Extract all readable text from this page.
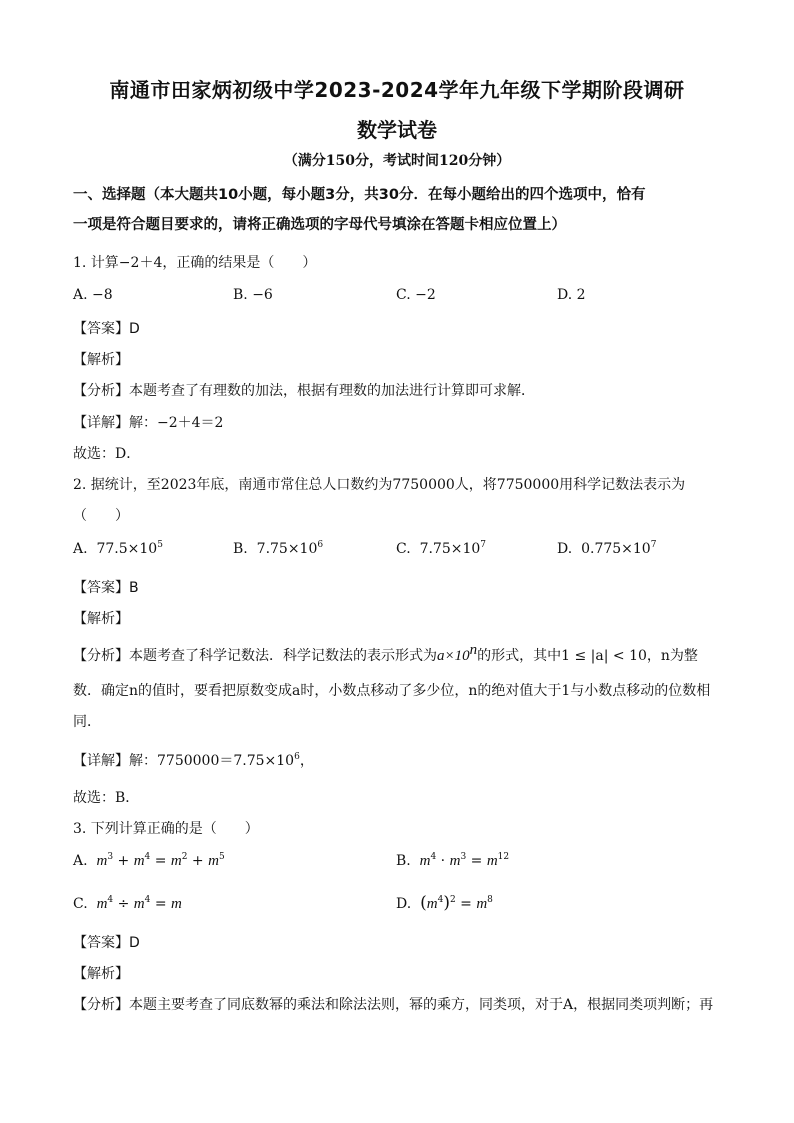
南通市田家炳初级中学2023-2024学年九年级下学期阶段调研
数学试卷
（满分150分，考试时间120分钟）
一、选择题（本大题共10小题，每小题3分，共30分．在每小题给出的四个选项中，恰有
一项是符合题目要求的，请将正确选项的字母代号填涂在答题卡相应位置上）
1. 计算−2＋4，正确的结果是（　　）
A. −8	B. −6	C. −2	D. 2
【答案】D
【解析】
【分析】本题考查了有理数的加法，根据有理数的加法进行计算即可求解．
【详解】解：−2＋4＝2
故选：D．
2. 据统计，至2023年底，南通市常住总人口数约为7750000人，将7750000用科学记数法表示为
（　　）
A. $77.5\times 10^5$	B. $7.75\times 10^6$	C. $7.75\times 10^7$	D. $0.775\times 10^7$
【答案】B
【解析】
【分析】本题考查了科学记数法．科学记数法的表示形式为$a\times 10^n$的形式，其中1 ≤ |a| < 10，n为整
数．确定n的值时，要看把原数变成a时，小数点移动了多少位，n的绝对值大于1与小数点移动的位数相
同．
【详解】解：$7750000=7.75\times 10^6$，
故选：B．
3. 下列计算正确的是（　　）
A. $m^3 + m^4 = m^2 + m^5$	B. $m^4 \cdot m^3 = m^{12}$
C. $m^4 \div m^4 = m$	D. $(m^4)^2 = m^8$
【答案】D
【解析】
【分析】本题主要考查了同底数幂的乘法和除法法则，幂的乘方，同类项，对于A，根据同类项判断；再
